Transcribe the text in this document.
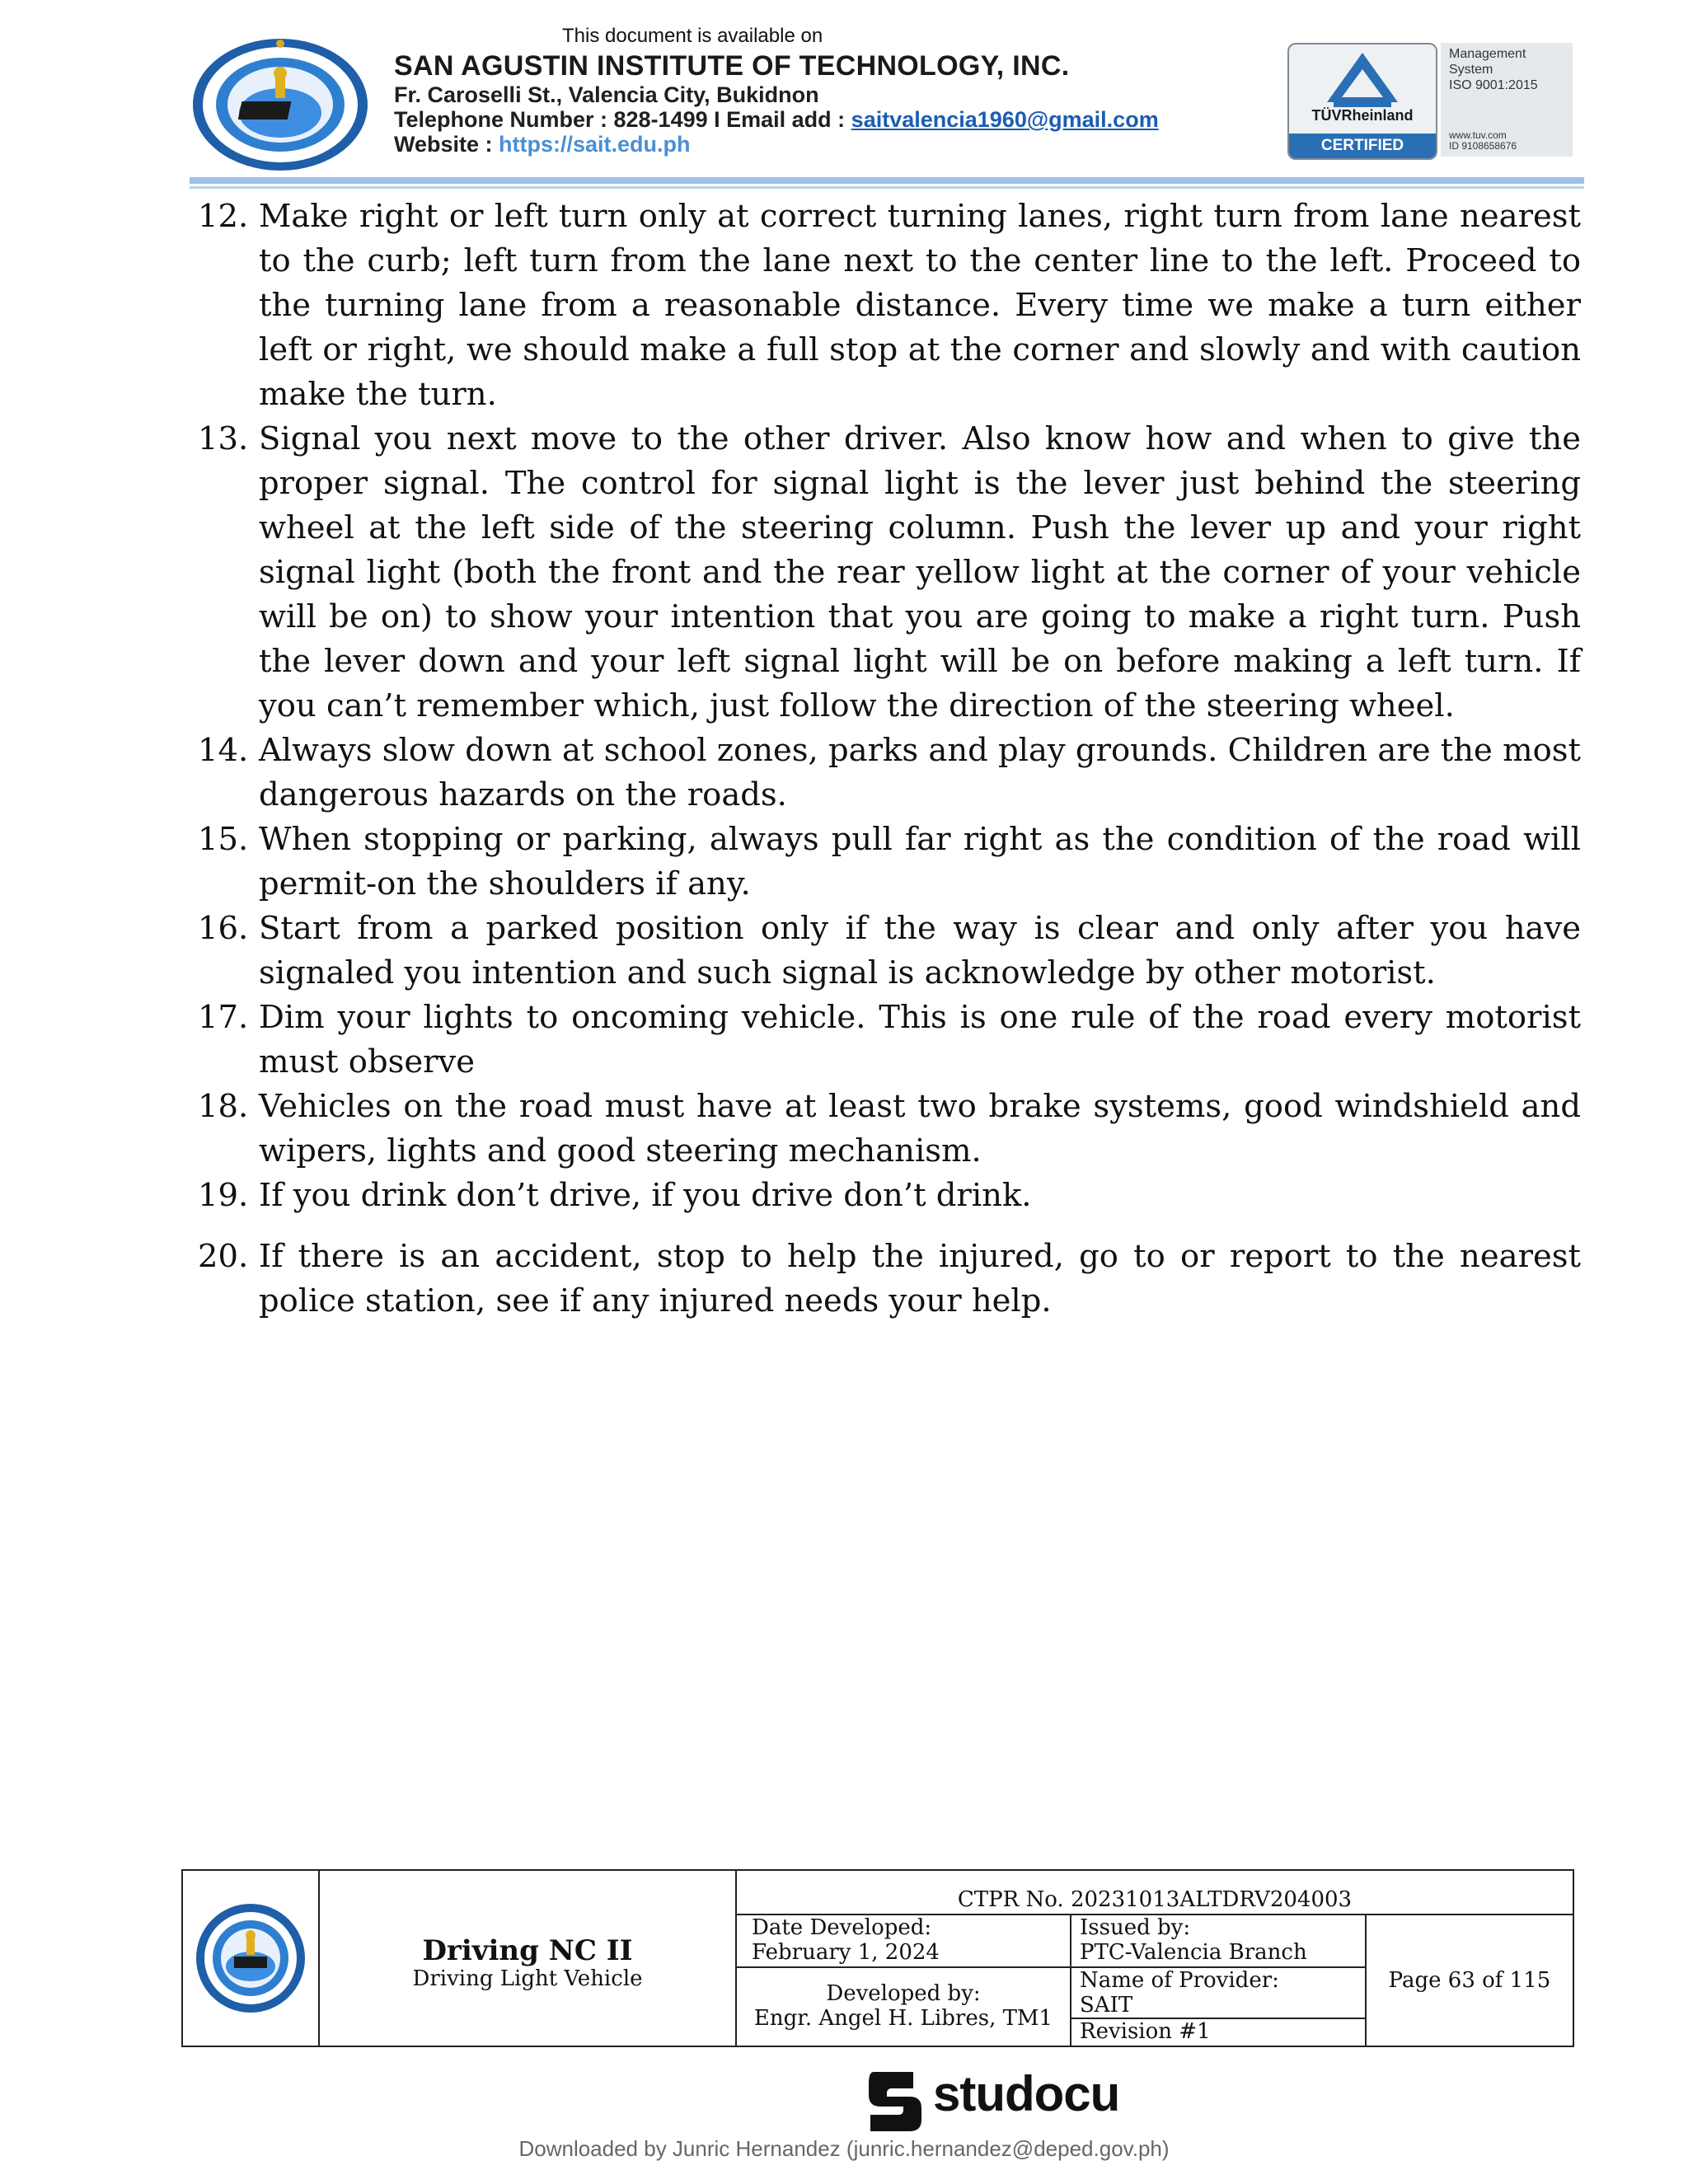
SAN AGUSTIN INSTITUTE OF TECHNOLOGY, INC.
Fr. Caroselli St., Valencia City, Bukidnon
Telephone Number : 828-1499 I Email add : saitvalencia1960@gmail.com
Website : https://sait.edu.ph
TÜVRheinland
CERTIFIED
Management
System
ISO 9001:2015
www.tuv.com
ID 9108658676
12. Make right or left turn only at correct turning lanes, right turn from lane nearest to the curb; left turn from the lane next to the center line to the left. Proceed to the turning lane from a reasonable distance. Every time we make a turn either left or right, we should make a full stop at the corner and slowly and with caution make the turn.
13. Signal you next move to the other driver. Also know how and when to give the proper signal. The control for signal light is the lever just behind the steering wheel at the left side of the steering column. Push the lever up and your right signal light (both the front and the rear yellow light at the corner of your vehicle will be on) to show your intention that you are going to make a right turn. Push the lever down and your left signal light will be on before making a left turn. If you can’t remember which, just follow the direction of the steering wheel.
14. Always slow down at school zones, parks and play grounds. Children are the most dangerous hazards on the roads.
15. When stopping or parking, always pull far right as the condition of the road will permit-on the shoulders if any.
16. Start from a parked position only if the way is clear and only after you have signaled you intention and such signal is acknowledge by other motorist.
17. Dim your lights to oncoming vehicle. This is one rule of the road every motorist must observe
18. Vehicles on the road must have at least two brake systems, good windshield and wipers, lights and good steering mechanism.
19. If you drink don’t drive, if you drive don’t drink.
20. If there is an accident, stop to help the injured, go to or report to the nearest police station, see if any injured needs your help.
Driving NC II
Driving Light Vehicle
CTPR No. 20231013ALTDRV204003
Date Developed:
February 1, 2024
Issued by:
PTC-Valencia Branch
Developed by:
Engr. Angel H. Libres, TM1
Name of Provider:
SAIT
Revision #1
Page 63 of 115
This document is available on
studocu
Downloaded by Junric Hernandez (junric.hernandez@deped.gov.ph)
